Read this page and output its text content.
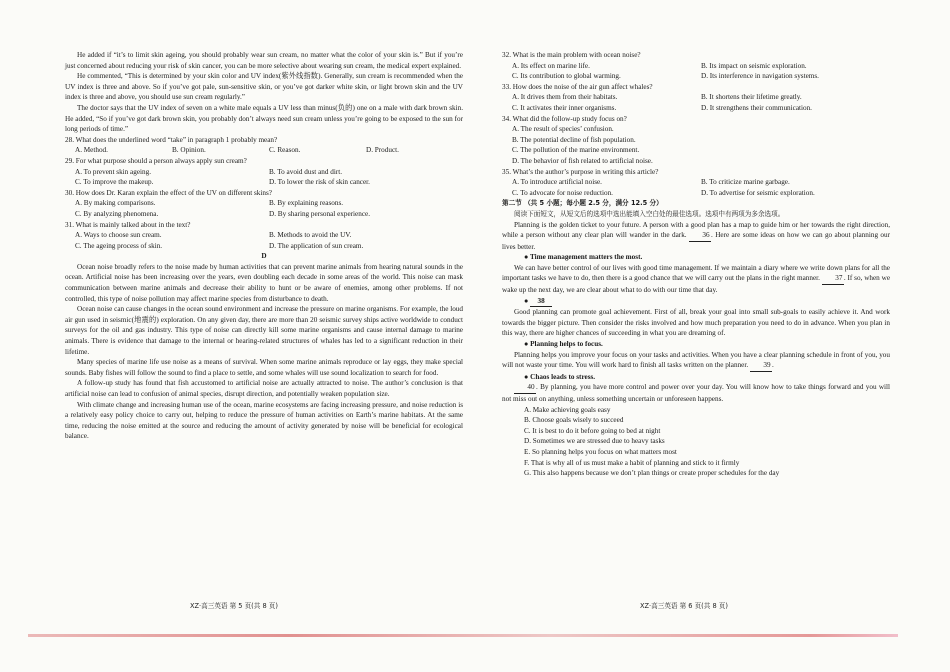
He added if “it’s to limit skin ageing, you should probably wear sun cream, no matter what the color of your skin is.” But if you’re just concerned about reducing your risk of skin cancer, you can be more selective about wearing sun cream, the medical expert explained.

He commented, “This is determined by your skin color and UV index(紫外线指数). Generally, sun cream is recommended when the UV index is three and above. So if you’ve got pale, sun-sensitive skin, or you’ve got darker white skin, or light brown skin and the UV index is three and above, you should use sun cream regularly.”

The doctor says that the UV index of seven on a white male equals a UV less than minus(负的) one on a male with dark brown skin. He added, “So if you’ve got dark brown skin, you probably don’t always need sun cream unless you’re going to be exposed to the sun for long periods of time.”

28. What does the underlined word “take” in paragraph 1 probably mean?

A. Method.	B. Opinion.	C. Reason.	D. Product.

29. For what purpose should a person always apply sun cream?

A. To prevent skin ageing.	B. To avoid dust and dirt.
C. To improve the makeup.	D. To lower the risk of skin cancer.

30. How does Dr. Karan explain the effect of the UV on different skins?

A. By making comparisons.	B. By explaining reasons.
C. By analyzing phenomena.	D. By sharing personal experience.

31. What is mainly talked about in the text?

A. Ways to choose sun cream.	B. Methods to avoid the UV.
C. The ageing process of skin.	D. The application of sun cream.

D

Ocean noise broadly refers to the noise made by human activities that can prevent marine animals from hearing natural sounds in the ocean. Artificial noise has been increasing over the years, even doubling each decade in some areas of the world. This noise can mask communication between marine animals and decrease their ability to hunt or be aware of enemies, among other problems. If not controlled, this type of noise pollution may affect marine species from disturbance to death.

Ocean noise can cause changes in the ocean sound environment and increase the pressure on marine organisms. For example, the loud air gun used in seismic(地震的) exploration. On any given day, there are more than 20 seismic survey ships active worldwide to conduct surveys for the oil and gas industry. This type of noise can directly kill some marine organisms and cause internal damage to marine animals. There is evidence that damage to the internal or hearing-related structures of whales has led to a significant reduction in their lifetime.

Many species of marine life use noise as a means of survival. When some marine animals reproduce or lay eggs, they make special sounds. Baby fishes will follow the sound to find a place to settle, and some whales will use sound localization to search for food.

A follow-up study has found that fish accustomed to artificial noise are actually attracted to noise. The author’s conclusion is that artificial noise can lead to confusion of animal species, disrupt direction, and potentially weaken population size.

With climate change and increasing human use of the ocean, marine ecosystems are facing increasing pressure, and noise reduction is a relatively easy policy choice to carry out, helping to reduce the pressure of human activities on Earth’s marine habitats. At the same time, reducing the noise emitted at the source and reducing the amount of activity generated by noise will be beneficial for ecological balance.

32. What is the main problem with ocean noise?

A. Its effect on marine life.	B. Its impact on seismic exploration.
C. Its contribution to global warming.	D. Its interference in navigation systems.

33. How does the noise of the air gun affect whales?

A. It drives them from their habitats.	B. It shortens their lifetime greatly.
C. It activates their inner organisms.	D. It strengthens their communication.

34. What did the follow-up study focus on?

A. The result of species’ confusion.
B. The potential decline of fish population.
C. The pollution of the marine environment.
D. The behavior of fish related to artificial noise.

35. What’s the author’s purpose in writing this article?

A. To introduce artificial noise.	B. To criticize marine garbage.
C. To advocate for noise reduction.	D. To advertise for seismic exploration.

第二节 （共 5 小题；每小题 2.5 分，满分 12.5 分）

阅读下面短文，从短文后的选项中选出能填入空白处的最佳选项。选项中有两项为多余选项。

Planning is the golden ticket to your future. A person with a good plan has a map to guide him or her towards the right direction, while a person without any clear plan will wander in the dark. 36. Here are some ideas on how we can go about planning our lives better.

● Time management matters the most.

We can have better control of our lives with good time management. If we maintain a diary where we write down plans for all the important tasks we have to do, then there is a good chance that we will carry out the plans in the right manner. 37. If so, when we wake up the next day, we are clear about what to do with our time that day.

● 38

Good planning can promote goal achievement. First of all, break your goal into small sub-goals to easily achieve it. And work towards the bigger picture. Then consider the risks involved and how much preparation you need to do in advance. When you plan in this way, there are higher chances of succeeding in what you are dreaming of.

● Planning helps to focus.

Planning helps you improve your focus on your tasks and activities. When you have a clear planning schedule in front of you, you will not waste your time. You will work hard to finish all tasks written on the planner. 39.

● Chaos leads to stress.

40. By planning, you have more control and power over your day. You will know how to take things forward and you will not miss out on anything, unless something uncertain or unforeseen happens.

A. Make achieving goals easy
B. Choose goals wisely to succeed
C. It is best to do it before going to bed at night
D. Sometimes we are stressed due to heavy tasks
E. So planning helps you focus on what matters most
F. That is why all of us must make a habit of planning and stick to it firmly
G. This also happens because we don’t plan things or create proper schedules for the day
XZ·高三英语 第 5 页(共 8 页)	XZ·高三英语 第 6 页(共 8 页)
